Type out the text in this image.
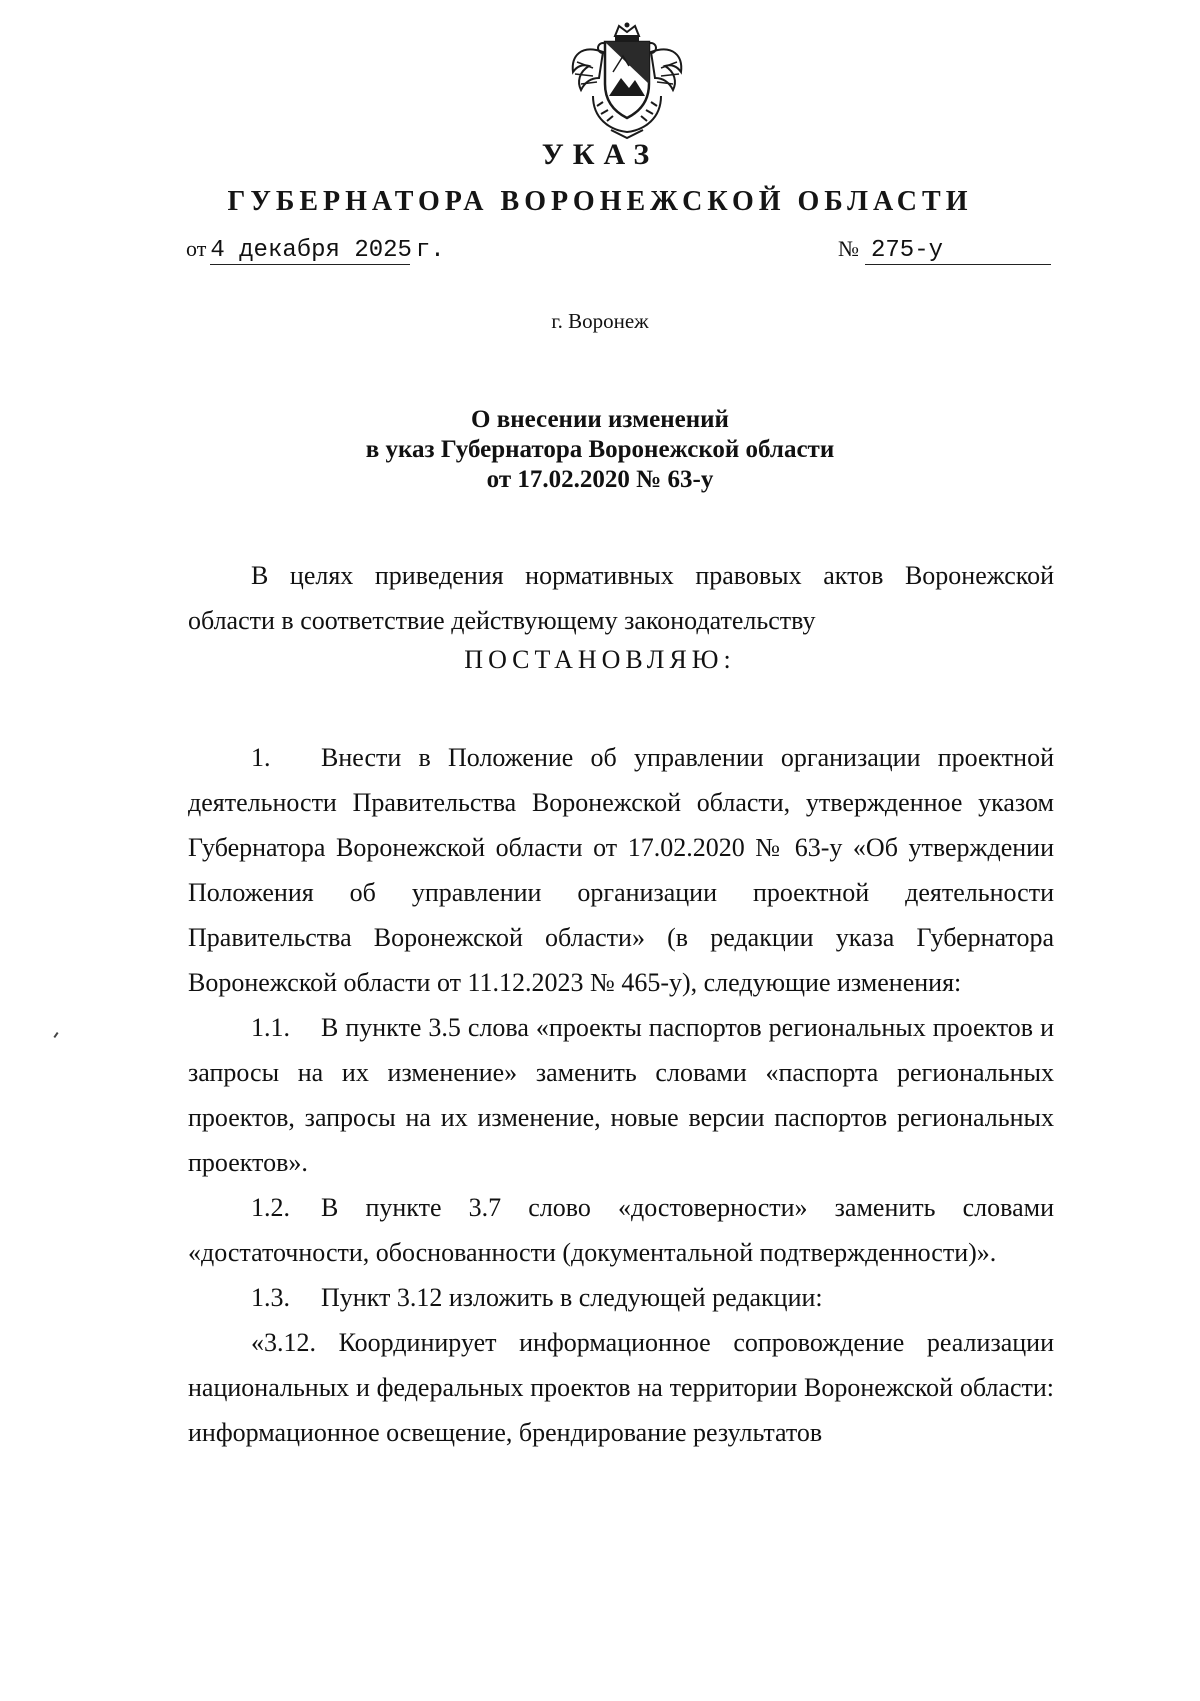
УКАЗ
ГУБЕРНАТОРА ВОРОНЕЖСКОЙ ОБЛАСТИ
от 4 декабря 2025 г.	№ 275-у
г. Воронеж
О внесении изменений
в указ Губернатора Воронежской области
от 17.02.2020 № 63-у
В целях приведения нормативных правовых актов Воронежской области в соответствие действующему законодательству
ПОСТАНОВЛЯЮ:
1. Внести в Положение об управлении организации проектной деятельности Правительства Воронежской области, утвержденное указом Губернатора Воронежской области от 17.02.2020 № 63-у «Об утверждении Положения об управлении организации проектной деятельности Правительства Воронежской области» (в редакции указа Губернатора Воронежской области от 11.12.2023 № 465-у), следующие изменения:
1.1. В пункте 3.5 слова «проекты паспортов региональных проектов и запросы на их изменение» заменить словами «паспорта региональных проектов, запросы на их изменение, новые версии паспортов региональных проектов».
1.2. В пункте 3.7 слово «достоверности» заменить словами «достаточности, обоснованности (документальной подтвержденности)».
1.3. Пункт 3.12 изложить в следующей редакции:
«3.12. Координирует информационное сопровождение реализации национальных и федеральных проектов на территории Воронежской области: информационное освещение, брендирование результатов
